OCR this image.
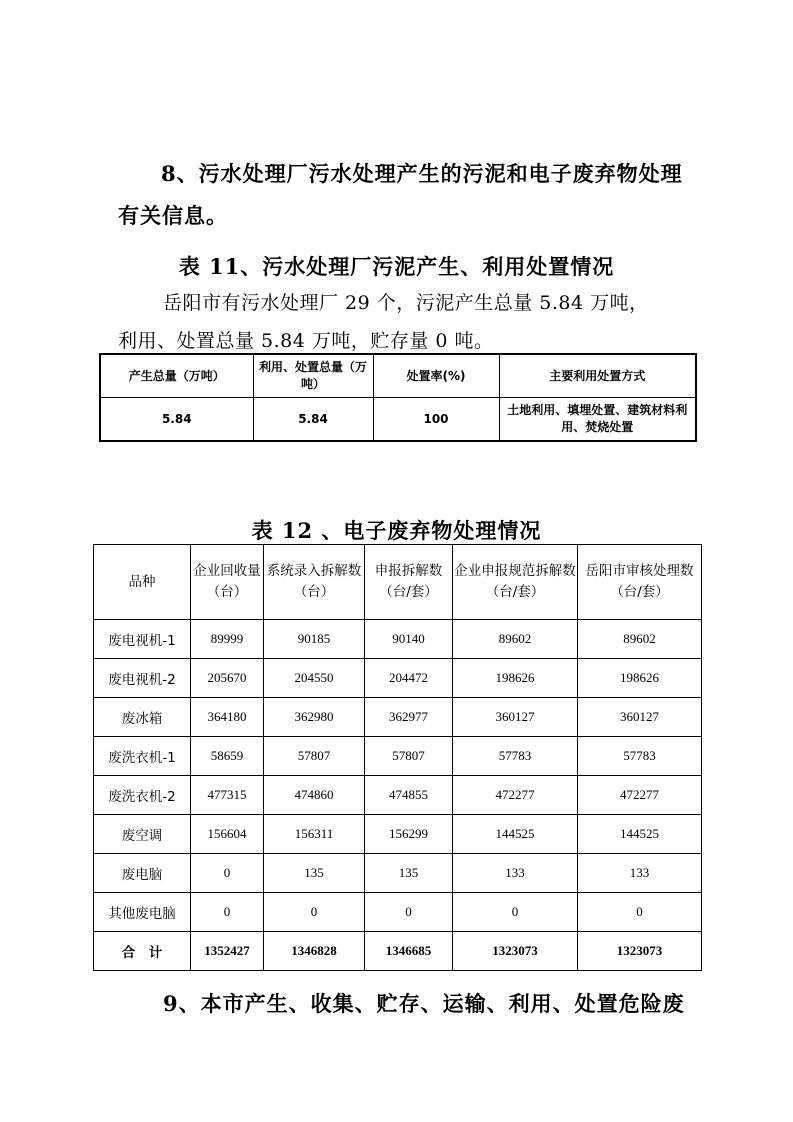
8、污水处理厂污水处理产生的污泥和电子废弃物处理
有关信息。
表 11、污水处理厂污泥产生、利用处置情况
岳阳市有污水处理厂 29 个，污泥产生总量 5.84 万吨，
利用、处置总量 5.84 万吨，贮存量 0 吨。
产生总量（万吨）	利用、处置总量（万吨）	处置率(%)	主要利用处置方式
5.84	5.84	100	土地利用、填埋处置、建筑材料利用、焚烧处置
表 12 、电子废弃物处理情况
品种	企业回收量（台）	系统录入拆解数（台）	申报拆解数（台/套）	企业申报规范拆解数（台/套）	岳阳市审核处理数（台/套）
废电视机-1	89999	90185	90140	89602	89602
废电视机-2	205670	204550	204472	198626	198626
废冰箱	364180	362980	362977	360127	360127
废洗衣机-1	58659	57807	57807	57783	57783
废洗衣机-2	477315	474860	474855	472277	472277
废空调	156604	156311	156299	144525	144525
废电脑	0	135	135	133	133
其他废电脑	0	0	0	0	0
合　计	1352427	1346828	1346685	1323073	1323073
9、本市产生、收集、贮存、运输、利用、处置危险废
